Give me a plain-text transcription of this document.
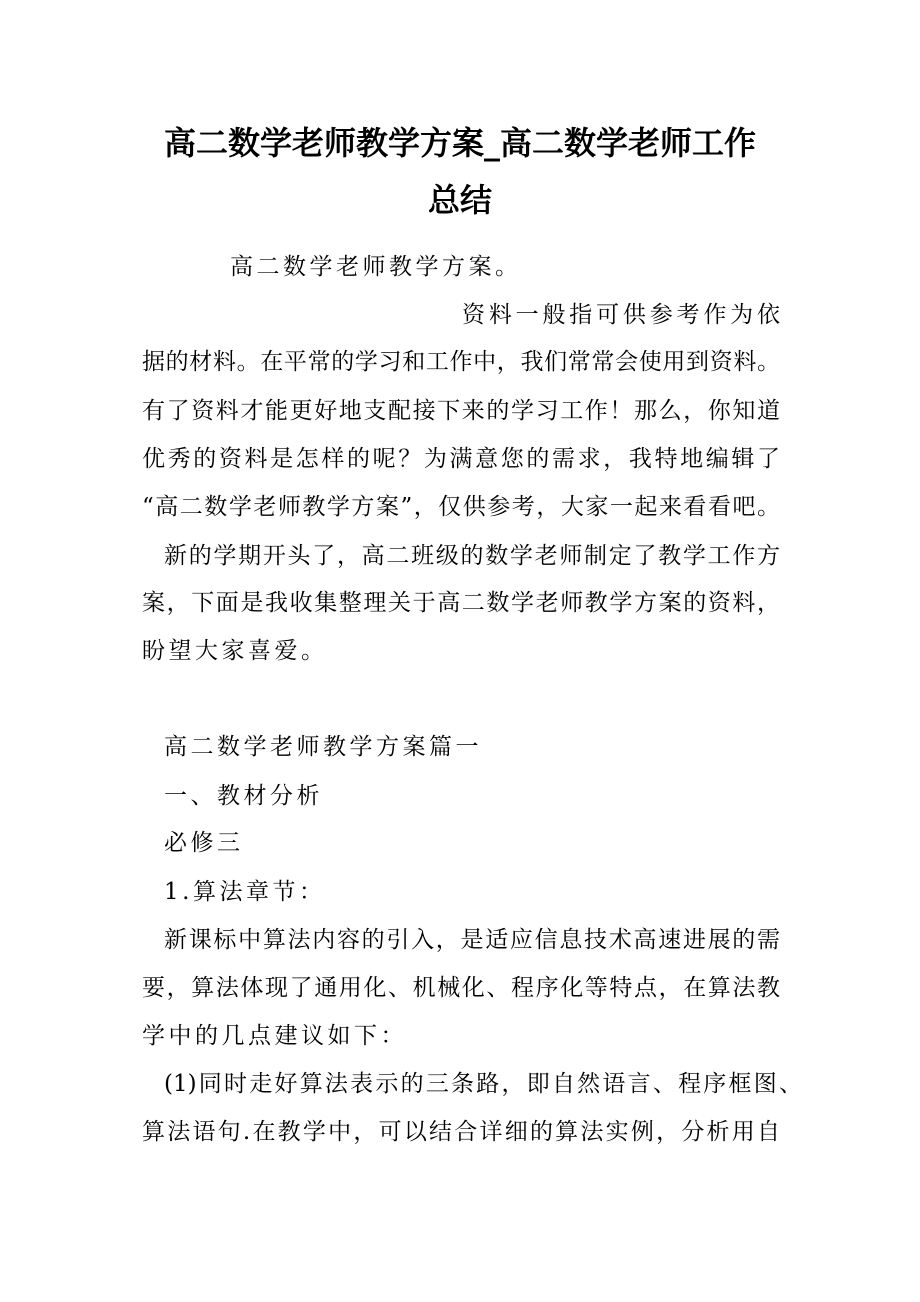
高二数学老师教学方案_高二数学老师工作
总结

高二数学老师教学方案。

资料一般指可供参考作为依

据的材料。在平常的学习和工作中，我们常常会使用到资料。

有了资料才能更好地支配接下来的学习工作！那么，你知道

优秀的资料是怎样的呢？为满意您的需求，我特地编辑了

“高二数学老师教学方案”，仅供参考，大家一起来看看吧。

新的学期开头了，高二班级的数学老师制定了教学工作方

案，下面是我收集整理关于高二数学老师教学方案的资料，

盼望大家喜爱。

高二数学老师教学方案篇一

一、教材分析

必修三

1.算法章节：

新课标中算法内容的引入，是适应信息技术高速进展的需

要，算法体现了通用化、机械化、程序化等特点，在算法教

学中的几点建议如下：

(1)同时走好算法表示的三条路，即自然语言、程序框图、

算法语句.在教学中，可以结合详细的算法实例，分析用自
